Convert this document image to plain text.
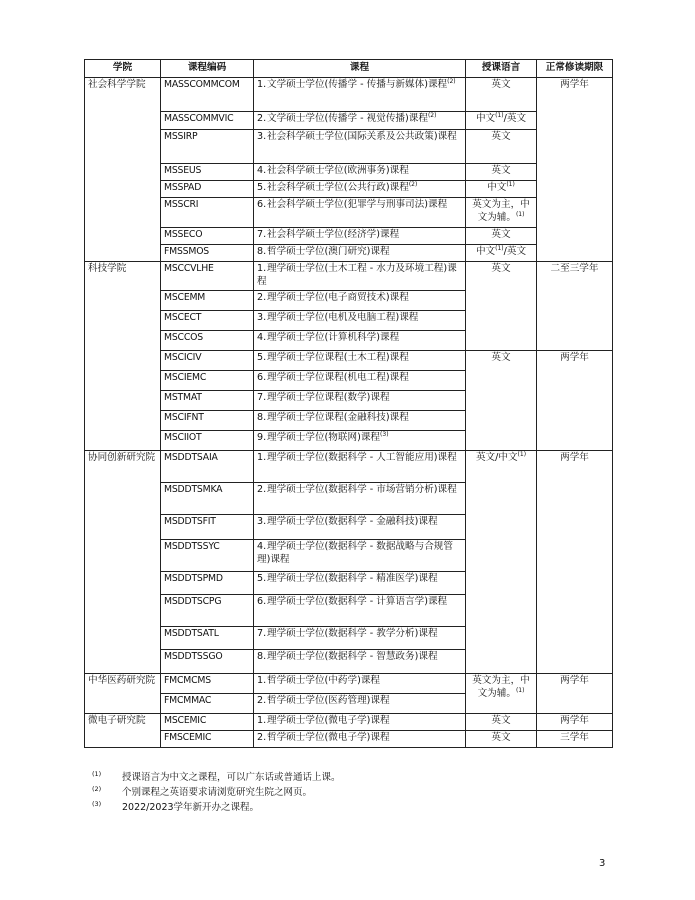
学院	课程编码	课程	授课语言	正常修读期限
社会科学学院	MASSCOMMCOM	1.文学硕士学位(传播学 - 传播与新媒体)课程$^{(2)}$	英文	两学年
	MASSCOMMVIC	2.文学硕士学位(传播学 - 视觉传播)课程$^{(2)}$	中文$^{(1)}$/英文	
	MSSIRP	3.社会科学硕士学位(国际关系及公共政策)课程	英文	
	MSSEUS	4.社会科学硕士学位(欧洲事务)课程	英文	
	MSSPAD	5.社会科学硕士学位(公共行政)课程$^{(2)}$	中文$^{(1)}$
	MSSCRI	6.社会科学硕士学位(犯罪学与刑事司法)课程	英文为主，中文为辅。$^{(1)}$
	MSSECO	7.社会科学硕士学位(经济学)课程	英文	
	FMSSMOS	8.哲学硕士学位(澳门研究)课程	中文$^{(1)}$/英文	
科技学院	MSCCVLHE	1.理学硕士学位(土木工程 - 水力及环境工程)课程	英文	二至三学年
	MSCEMM	2.理学硕士学位(电子商贸技术)课程		
	MSCECT	3.理学硕士学位(电机及电脑工程)课程		
	MSCCOS	4.理学硕士学位(计算机科学)课程		
	MSCICIV	5.理学硕士学位课程(土木工程)课程	英文	两学年
	MSCIEMC	6.理学硕士学位课程(机电工程)课程		
	MSTMAT	7.理学硕士学位课程(数学)课程		
	MSCIFNT	8.理学硕士学位课程(金融科技)课程		
	MSCIIOT	9.理学硕士学位(物联网)课程$^{(3)}$
协同创新研究院	MSDDTSAIA	1.理学硕士学位(数据科学 - 人工智能应用)课程	英文/中文$^{(1)}$	两学年
	MSDDTSMKA	2.理学硕士学位(数据科学 - 市场营销分析)课程		
	MSDDTSFIT	3.理学硕士学位(数据科学 - 金融科技)课程		
	MSDDTSSYC	4.理学硕士学位(数据科学 - 数据战略与合规管理)课程		
	MSDDTSPMD	5.理学硕士学位(数据科学 - 精准医学)课程		
	MSDDTSCPG	6.理学硕士学位(数据科学 - 计算语言学)课程		
	MSDDTSATL	7.理学硕士学位(数据科学 - 教学分析)课程		
	MSDDTSSGO	8.理学硕士学位(数据科学 - 智慧政务)课程		
中华医药研究院	FMCMCMS	1.哲学硕士学位(中药学)课程	英文为主，中文为辅。$^{(1)}$	两学年
	FMCMMAC	2.哲学硕士学位(医药管理)课程		
微电子研究院	MSCEMIC	1.理学硕士学位(微电子学)课程	英文	两学年
	FMSCEMIC	2.哲学硕士学位(微电子学)课程	英文	三学年
(1) 授课语言为中文之课程，可以广东话或普通话上课。
(2) 个别课程之英语要求请浏览研究生院之网页。
(3) 2022/2023学年新开办之课程。
3
